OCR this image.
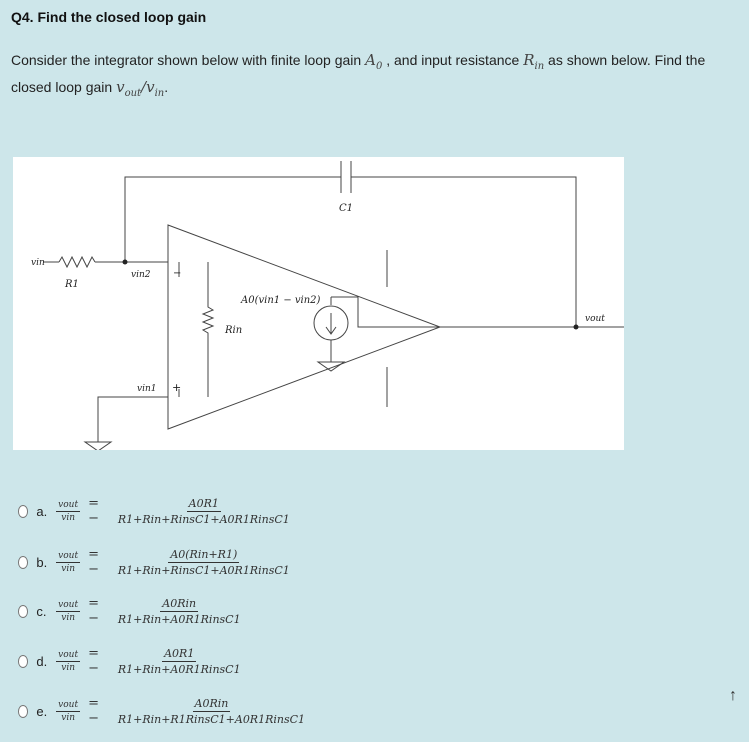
Q4. Find the closed loop gain
Consider the integrator shown below with finite loop gain $A_0$ , and input resistance $R_{in}$ as shown below. Find the closed loop gain $v_{out}/v_{in}$.
vin
R1
vin2
vin1
−
+
A0(vin1 − vin2)
Rin
C1
vout
a. $\frac{\text{vout}}{\text{vin}}$ = −	$\frac{A0R1}{\text{R1+Rin+RinsC1+A0R1RinsC1}}$
b. $\frac{\text{vout}}{\text{vin}}$ = −	$\frac{\text{A0(Rin+R1)}}{\text{R1+Rin+RinsC1+A0R1RinsC1}}$
c.	$\frac{\text{vout}}{\text{vin}}$ = −	$\frac{\text{A0Rin}}{\text{R1+Rin+A0R1RinsC1}}$
d. $\frac{\text{vout}}{\text{vin}}$ = −	$\frac{A0R1}{\text{R1+Rin+A0R1RinsC1}}$
e. $\frac{\text{vout}}{\text{vin}}$ = −	$\frac{\text{A0Rin}}{\text{R1+Rin+R1RinsC1+A0R1RinsC1}}$
↑
